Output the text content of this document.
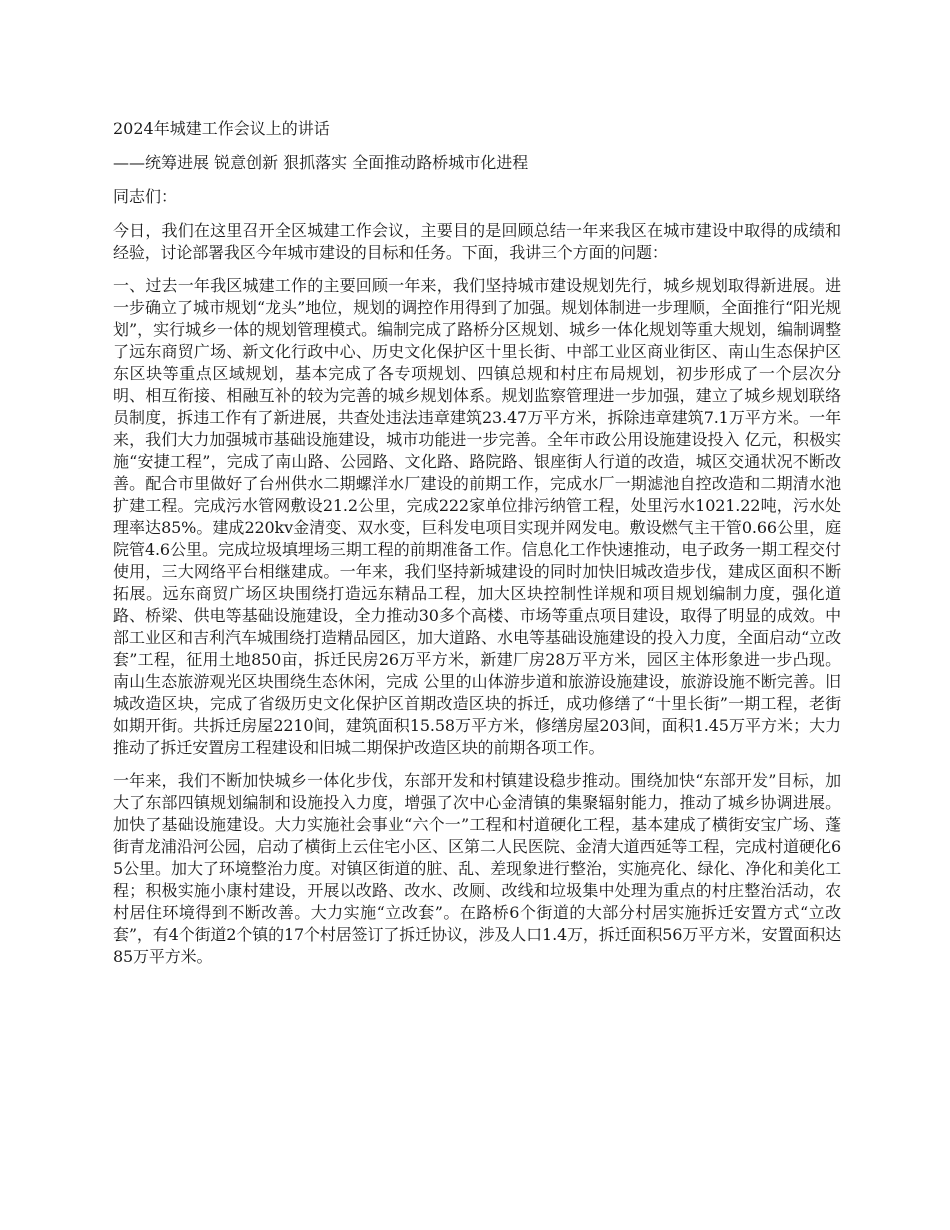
2024年城建工作会议上的讲话

——统筹进展 锐意创新 狠抓落实 全面推动路桥城市化进程

同志们：

今日，我们在这里召开全区城建工作会议，主要目的是回顾总结一年来我区在城市建设中取得的成绩和经验，讨论部署我区今年城市建设的目标和任务。下面，我讲三个方面的问题：

一、过去一年我区城建工作的主要回顾一年来，我们坚持城市建设规划先行，城乡规划取得新进展。进一步确立了城市规划“龙头”地位，规划的调控作用得到了加强。规划体制进一步理顺，全面推行“阳光规划”，实行城乡一体的规划管理模式。编制完成了路桥分区规划、城乡一体化规划等重大规划，编制调整了远东商贸广场、新文化行政中心、历史文化保护区十里长街、中部工业区商业街区、南山生态保护区东区块等重点区域规划，基本完成了各专项规划、四镇总规和村庄布局规划，初步形成了一个层次分明、相互衔接、相融互补的较为完善的城乡规划体系。规划监察管理进一步加强，建立了城乡规划联络员制度，拆违工作有了新进展，共查处违法违章建筑23.47万平方米，拆除违章建筑7.1万平方米。一年来，我们大力加强城市基础设施建设，城市功能进一步完善。全年市政公用设施建设投入 亿元，积极实施“安捷工程”，完成了南山路、公园路、文化路、路院路、银座街人行道的改造，城区交通状况不断改善。配合市里做好了台州供水二期螺洋水厂建设的前期工作，完成水厂一期滤池自控改造和二期清水池扩建工程。完成污水管网敷设21.2公里，完成222家单位排污纳管工程，处里污水1021.22吨，污水处理率达85%。建成220kv金清变、双水变，巨科发电项目实现并网发电。敷设燃气主干管0.66公里，庭院管4.6公里。完成垃圾填埋场三期工程的前期准备工作。信息化工作快速推动，电子政务一期工程交付使用，三大网络平台相继建成。一年来，我们坚持新城建设的同时加快旧城改造步伐，建成区面积不断拓展。远东商贸广场区块围绕打造远东精品工程，加大区块控制性详规和项目规划编制力度，强化道路、桥梁、供电等基础设施建设，全力推动30多个高楼、市场等重点项目建设，取得了明显的成效。中部工业区和吉利汽车城围绕打造精品园区，加大道路、水电等基础设施建设的投入力度，全面启动“立改套”工程，征用土地850亩，拆迁民房26万平方米，新建厂房28万平方米，园区主体形象进一步凸现。南山生态旅游观光区块围绕生态休闲，完成 公里的山体游步道和旅游设施建设，旅游设施不断完善。旧城改造区块，完成了省级历史文化保护区首期改造区块的拆迁，成功修缮了“十里长街”一期工程，老街如期开街。共拆迁房屋2210间，建筑面积15.58万平方米，修缮房屋203间，面积1.45万平方米；大力推动了拆迁安置房工程建设和旧城二期保护改造区块的前期各项工作。

一年来，我们不断加快城乡一体化步伐，东部开发和村镇建设稳步推动。围绕加快“东部开发”目标，加大了东部四镇规划编制和设施投入力度，增强了次中心金清镇的集聚辐射能力，推动了城乡协调进展。加快了基础设施建设。大力实施社会事业“六个一”工程和村道硬化工程，基本建成了横街安宝广场、蓬街青龙浦沿河公园，启动了横街上云住宅小区、区第二人民医院、金清大道西延等工程，完成村道硬化65公里。加大了环境整治力度。对镇区街道的脏、乱、差现象进行整治，实施亮化、绿化、净化和美化工程；积极实施小康村建设，开展以改路、改水、改厕、改线和垃圾集中处理为重点的村庄整治活动，农村居住环境得到不断改善。大力实施“立改套”。在路桥6个街道的大部分村居实施拆迁安置方式“立改套”，有4个街道2个镇的17个村居签订了拆迁协议，涉及人口1.4万，拆迁面积56万平方米，安置面积达85万平方米。
